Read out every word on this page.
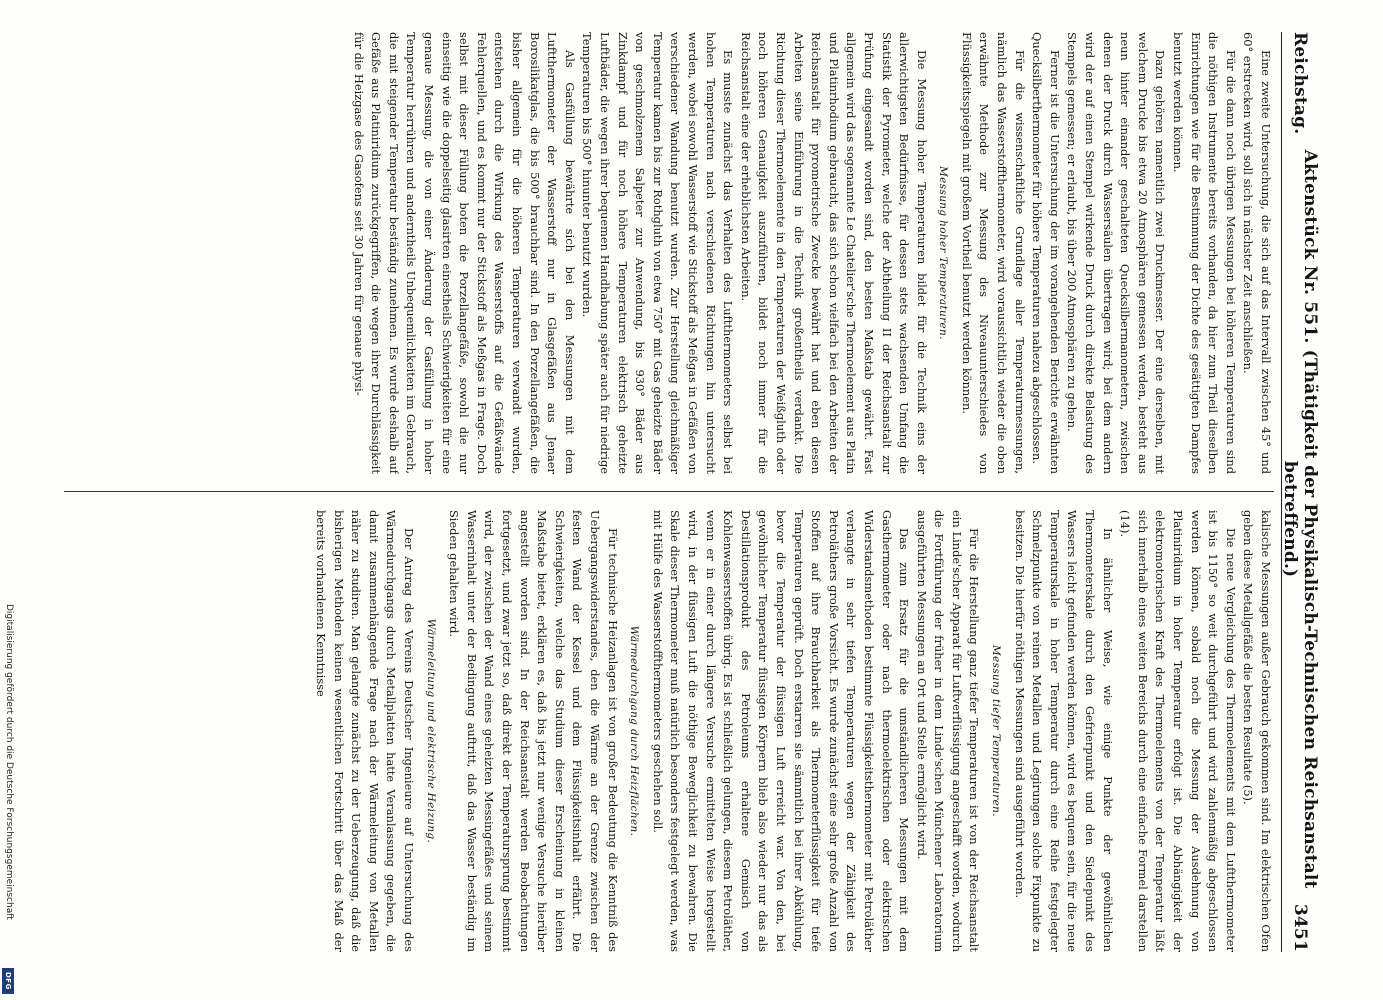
Reichstag.
Aktenstück Nr. 551. (Thätigkeit der Physikalisch-Technischen Reichsanstalt betreffend.)
3451

Eine zweite Untersuchung, die sich auf das Intervall zwischen 45° und 60° erstrecken wird, soll sich in nächster Zeit anschließen.

Für die dann noch übrigen Messungen bei höheren Temperaturen sind die nöthigen Instrumente bereits vorhanden, da hier zum Theil dieselben Einrichtungen wie für die Bestimmung der Dichte des gesättigten Dampfes benutzt werden können.

Dazu gehören namentlich zwei Druckmesser. Der eine derselben, mit welchem Drucke bis etwa 20 Atmosphären gemessen werden, besteht aus neun hinter einander geschalteten Quecksilbermanometern, zwischen denen der Druck durch Wassersäulen übertragen wird; bei dem andern wird der auf einen Stempel wirkende Druck durch direkte Belastung des Stempels gemessen; er erlaubt, bis über 200 Atmosphären zu gehen.

Ferner ist die Untersuchung der im vorangehenden Berichte erwähnten Quecksilberthermometer für höhere Temperaturen nahezu abgeschlossen.

Für die wissenschaftliche Grundlage aller Temperaturmessungen, nämlich das Wasserstoffthermometer, wird voraussichtlich wieder die oben erwähnte Methode zur Messung des Niveauunterschiedes von Flüssigkeitsspiegeln mit großem Vortheil benutzt werden können.

Messung hoher Temperaturen.

Die Messung hoher Temperaturen bildet für die Technik eins der allerwichtigsten Bedürfnisse, für dessen stets wachsenden Umfang die Statistik der Pyrometer, welche der Abtheilung II der Reichsanstalt zur Prüfung eingesandt worden sind, den besten Maßstab gewährt. Fast allgemein wird das sogenannte Le Chatelier'sche Thermoelement aus Platin und Platinrhodium gebraucht, das sich schon vielfach bei den Arbeiten der Reichsanstalt für pyrometrische Zwecke bewährt hat und eben diesen Arbeiten seine Einführung in die Technik großentheils verdankt. Die Richtung dieser Thermoelemente in den Temperaturen der Weißgluth oder noch höheren Genauigkeit auszuführen, bildet noch immer für die Reichsanstalt eine der erheblichsten Arbeiten.

Es musste zunächst das Verhalten des Luftthermometers selbst bei hohen Temperaturen nach verschiedenen Richtungen hin untersucht werden, wobei sowohl Wasserstoff wie Stickstoff als Meßgas in Gefäßen von verschiedener Wandung benutzt wurden. Zur Herstellung gleichmäßiger Temperatur kamen bis zur Rothgluth von etwa 750° mit Gas geheizte Bäder von geschmolzenem Salpeter zur Anwendung, bis 930° Bäder aus Zinkdampf und für noch höhere Temperaturen elektrisch geheizte Luftbäder, die wegen ihrer bequemen Handhabung später auch für niedrige Temperaturen bis 500° hinunter benutzt wurden.

Als Gasfüllung bewährte sich bei den Messungen mit dem Luftthermometer der Wasserstoff nur in Glasgefäßen aus Jenaer Borosilikatglas, die bis 500° brauchbar sind. In den Porzellangefäßen, die bisher allgemein für die höheren Temperaturen verwandt wurden, entstehen durch die Wirkung des Wasserstoffs auf die Gefäßwände Fehlerquellen, und es kommt nur der Stickstoff als Meßgas in Frage. Doch selbst mit dieser Füllung boten die Porzellangefäße, sowohl die nur einseitig wie die doppelseitig glasirten einestheils Schwierigkeiten für eine genaue Messung, die von einer Änderung der Gasfüllung in hoher Temperatur herrühren und anderntheils Unbequemlichkeiten im Gebrauch, die mit steigender Temperatur beständig zunehmen. Es wurde deshalb auf Gefäße aus Platiniridium zurückgegriffen, die wegen ihrer Durchlässigkeit für die Heizgase des Gasofens seit 30 Jahren für genaue physi-

kalische Messungen außer Gebrauch gekommen sind. Im elektrischen Ofen geben diese Metallgefäße die besten Resultate (5).

Die neue Vergleichung des Thermoelements mit dem Luftthermometer ist bis 1150° so weit durchgeführt und wird zahlenmäßig abgeschlossen werden können, sobald noch die Messung der Ausdehnung von Platiniridium in hoher Temperatur erfolgt ist. Die Abhängigkeit der elektromotorischen Kraft des Thermoelements von der Temperatur läßt sich innerhalb eines weiten Bereichs durch eine einfache Formel darstellen (14).

In ähnlicher Weise, wie einige Punkte der gewöhnlichen Thermometerskale durch den Gefrierpunkt und den Siedepunkt des Wassers leicht gefunden werden können, wird es bequem sein, für die neue Temperaturskale in hoher Temperatur durch eine Reihe festgelegter Schmelzpunkte von reinen Metallen und Legirungen solche Fixpunkte zu besitzen. Die hierfür nöthigen Messungen sind ausgeführt worden.

Messung tiefer Temperaturen.

Für die Herstellung ganz tiefer Temperaturen ist von der Reichsanstalt ein Linde'scher Apparat für Luftverflüssigung angeschafft worden, wodurch die Fortführung der früher in dem Linde'schen Münchener Laboratorium ausgeführten Messungen an Ort und Stelle ermöglicht wird.

Das zum Ersatz für die umständlicheren Messungen mit dem Gasthermometer oder nach thermoelektrischen oder elektrischen Widerstandsmethoden bestimmte Flüssigkeitsthermometer mit Petroläther verlangte in sehr tiefen Temperaturen wegen der Zähigkeit des Petroläthers große Vorsicht. Es wurde zunächst eine sehr große Anzahl von Stoffen auf ihre Brauchbarkeit als Thermometerflüssigkeit für tiefe Temperaturen geprüft. Doch erstarren sie sämmtlich bei ihrer Abkühlung, bevor die Temperatur der flüssigen Luft erreicht war. Von den, bei gewöhnlicher Temperatur flüssigen Körpern blieb also wieder nur das als Destillationsprodukt des Petroleums erhaltene Gemisch von Kohlenwasserstoffen übrig. Es ist schließlich gelungen, diesem Petroläther, wenn er in einer durch längere Versuche ermittelten Weise hergestellt wird, in der flüssigen Luft die nöthige Beweglichkeit zu bewahren. Die Skale dieser Thermometer muß natürlich besonders festgelegt werden, was mit Hülfe des Wasserstoffthermometers geschehen soll.

Wärmedurchgang durch Heizflächen.

Für technische Heizanlagen ist von großer Bedeutung die Kenntniß des Uebergangswiderstandes, den die Wärme an der Grenze zwischen der festen Wand der Kessel und dem Flüssigkeitsinhalt erfährt. Die Schwierigkeiten, welche das Studium dieser Erscheinung in kleinen Maßstabe bietet, erklären es, daß bis jetzt nur wenige Versuche hierüber angestellt worden sind. In der Reichsanstalt werden Beobachtungen fortgesetzt, und zwar jetzt so, daß direkt der Temperatursprung bestimmt wird, der zwischen der Wand eines geheizten Messingefäßes und seinem Wasserinhalt unter der Bedingung auftritt, daß das Wasser beständig im Sieden gehalten wird.

Wärmeleitung und elektrische Heizung.

Der Antrag des Vereins Deutscher Ingenieure auf Untersuchung des Wärmedurchgangs durch Metallplatten hatte Veranlassung gegeben, die damit zusammenhängende Frage nach der Wärmeleitung von Metallen näher zu studiren. Man gelangte zunächst zu der Ueberzeugung, daß die bisherigen Methoden keinen wesentlichen Fortschritt über das Maß der bereits vorhandenen Kenntnisse

Digitalisierung gefördert durch die Deutsche Forschungsgemeinschaft
DFG
